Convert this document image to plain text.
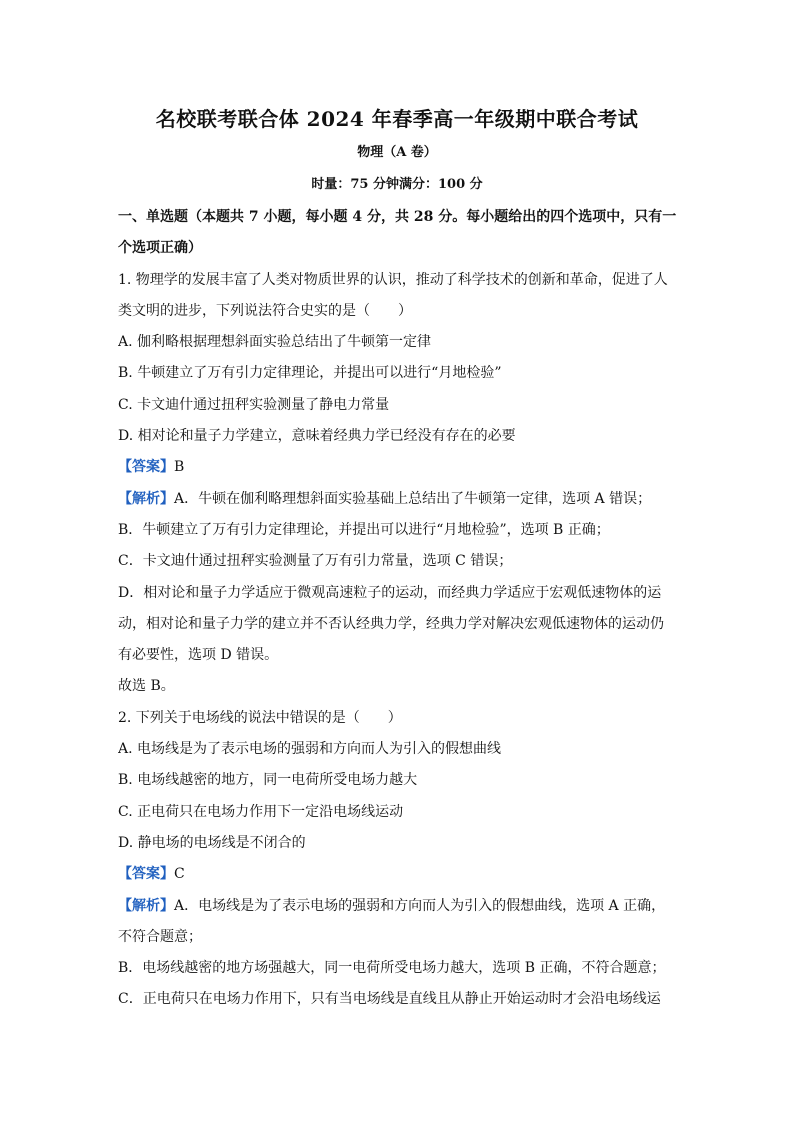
名校联考联合体 2024 年春季高一年级期中联合考试
物理（A 卷）
时量：75 分钟满分：100 分
一、单选题（本题共 7 小题，每小题 4 分，共 28 分。每小题给出的四个选项中，只有一
个选项正确）
1. 物理学的发展丰富了人类对物质世界的认识，推动了科学技术的创新和革命，促进了人
类文明的进步，下列说法符合史实的是（　　）
A. 伽利略根据理想斜面实验总结出了牛顿第一定律
B. 牛顿建立了万有引力定律理论，并提出可以进行“月地检验”
C. 卡文迪什通过扭秤实验测量了静电力常量
D. 相对论和量子力学建立，意味着经典力学已经没有存在的必要
【答案】B
【解析】A．牛顿在伽利略理想斜面实验基础上总结出了牛顿第一定律，选项 A 错误；
B．牛顿建立了万有引力定律理论，并提出可以进行“月地检验”，选项 B 正确；
C．卡文迪什通过扭秤实验测量了万有引力常量，选项 C 错误；
D．相对论和量子力学适应于微观高速粒子的运动，而经典力学适应于宏观低速物体的运
动，相对论和量子力学的建立并不否认经典力学，经典力学对解决宏观低速物体的运动仍
有必要性，选项 D 错误。
故选 B。
2. 下列关于电场线的说法中错误的是（　　）
A. 电场线是为了表示电场的强弱和方向而人为引入的假想曲线
B. 电场线越密的地方，同一电荷所受电场力越大
C. 正电荷只在电场力作用下一定沿电场线运动
D. 静电场的电场线是不闭合的
【答案】C
【解析】A．电场线是为了表示电场的强弱和方向而人为引入的假想曲线，选项 A 正确，
不符合题意；
B．电场线越密的地方场强越大，同一电荷所受电场力越大，选项 B 正确，不符合题意；
C．正电荷只在电场力作用下，只有当电场线是直线且从静止开始运动时才会沿电场线运
